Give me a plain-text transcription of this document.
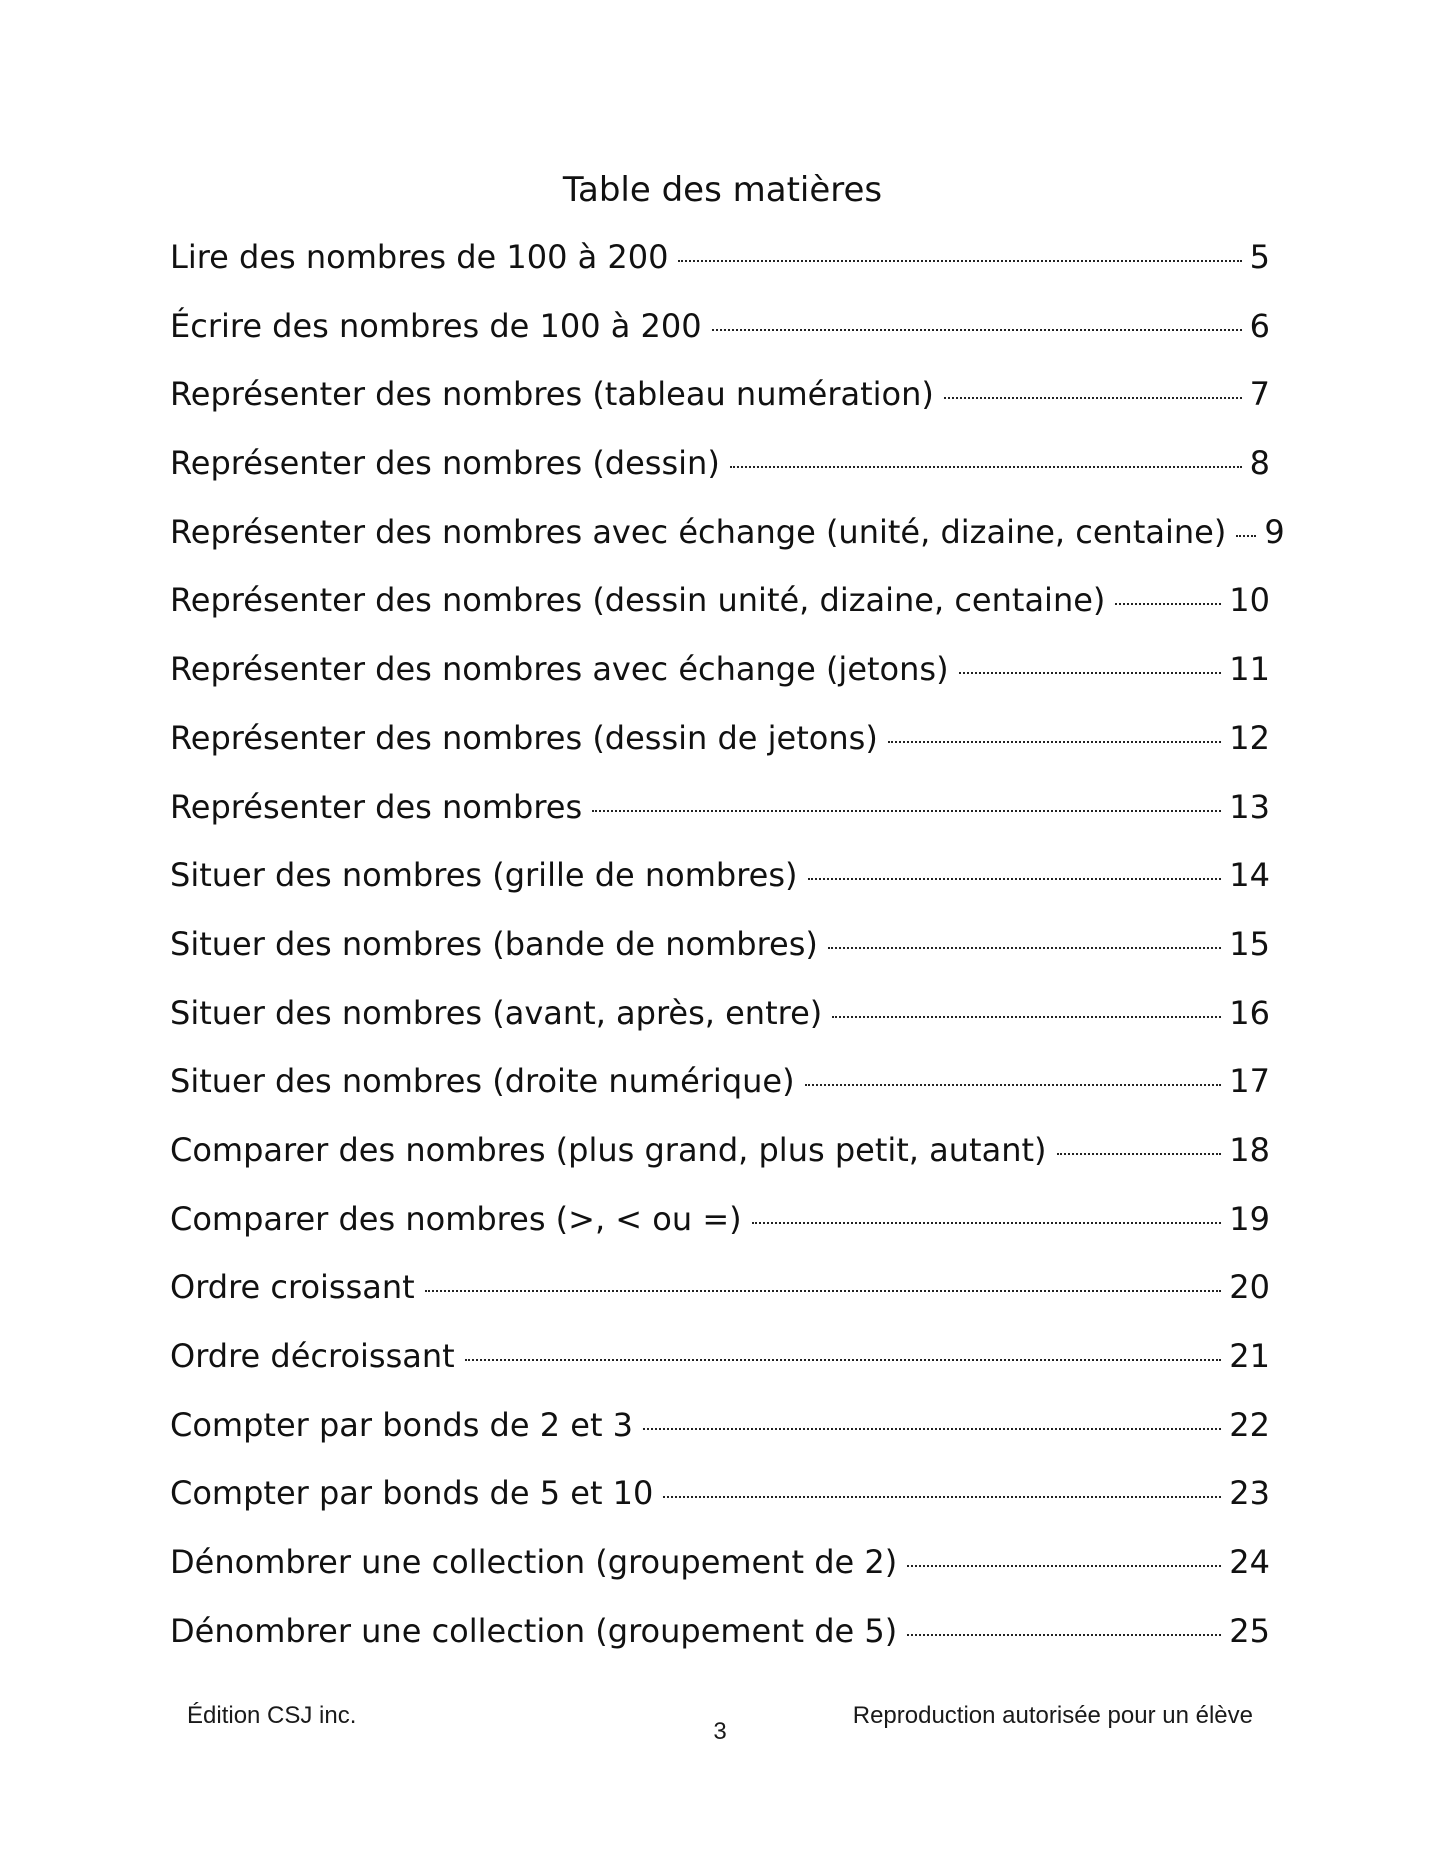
Table des matières
Lire des nombres de 100 à 200	5
Écrire des nombres de 100 à 200	6
Représenter des nombres (tableau numération)	7
Représenter des nombres (dessin)	8
Représenter des nombres avec échange (unité, dizaine, centaine) 9
Représenter des nombres (dessin unité, dizaine, centaine)	10
Représenter des nombres avec échange (jetons)	11
Représenter des nombres (dessin de jetons)	12
Représenter des nombres	13
Situer des nombres (grille de nombres)	14
Situer des nombres (bande de nombres)	15
Situer des nombres (avant, après, entre)	16
Situer des nombres (droite numérique)	17
Comparer des nombres (plus grand, plus petit, autant)	18
Comparer des nombres (>, < ou =)	19
Ordre croissant	20
Ordre décroissant	21
Compter par bonds de 2 et 3	22
Compter par bonds de 5 et 10	23
Dénombrer une collection (groupement de 2)	24
Dénombrer une collection (groupement de 5)	25
Édition CSJ inc.
3
Reproduction autorisée pour un élève
